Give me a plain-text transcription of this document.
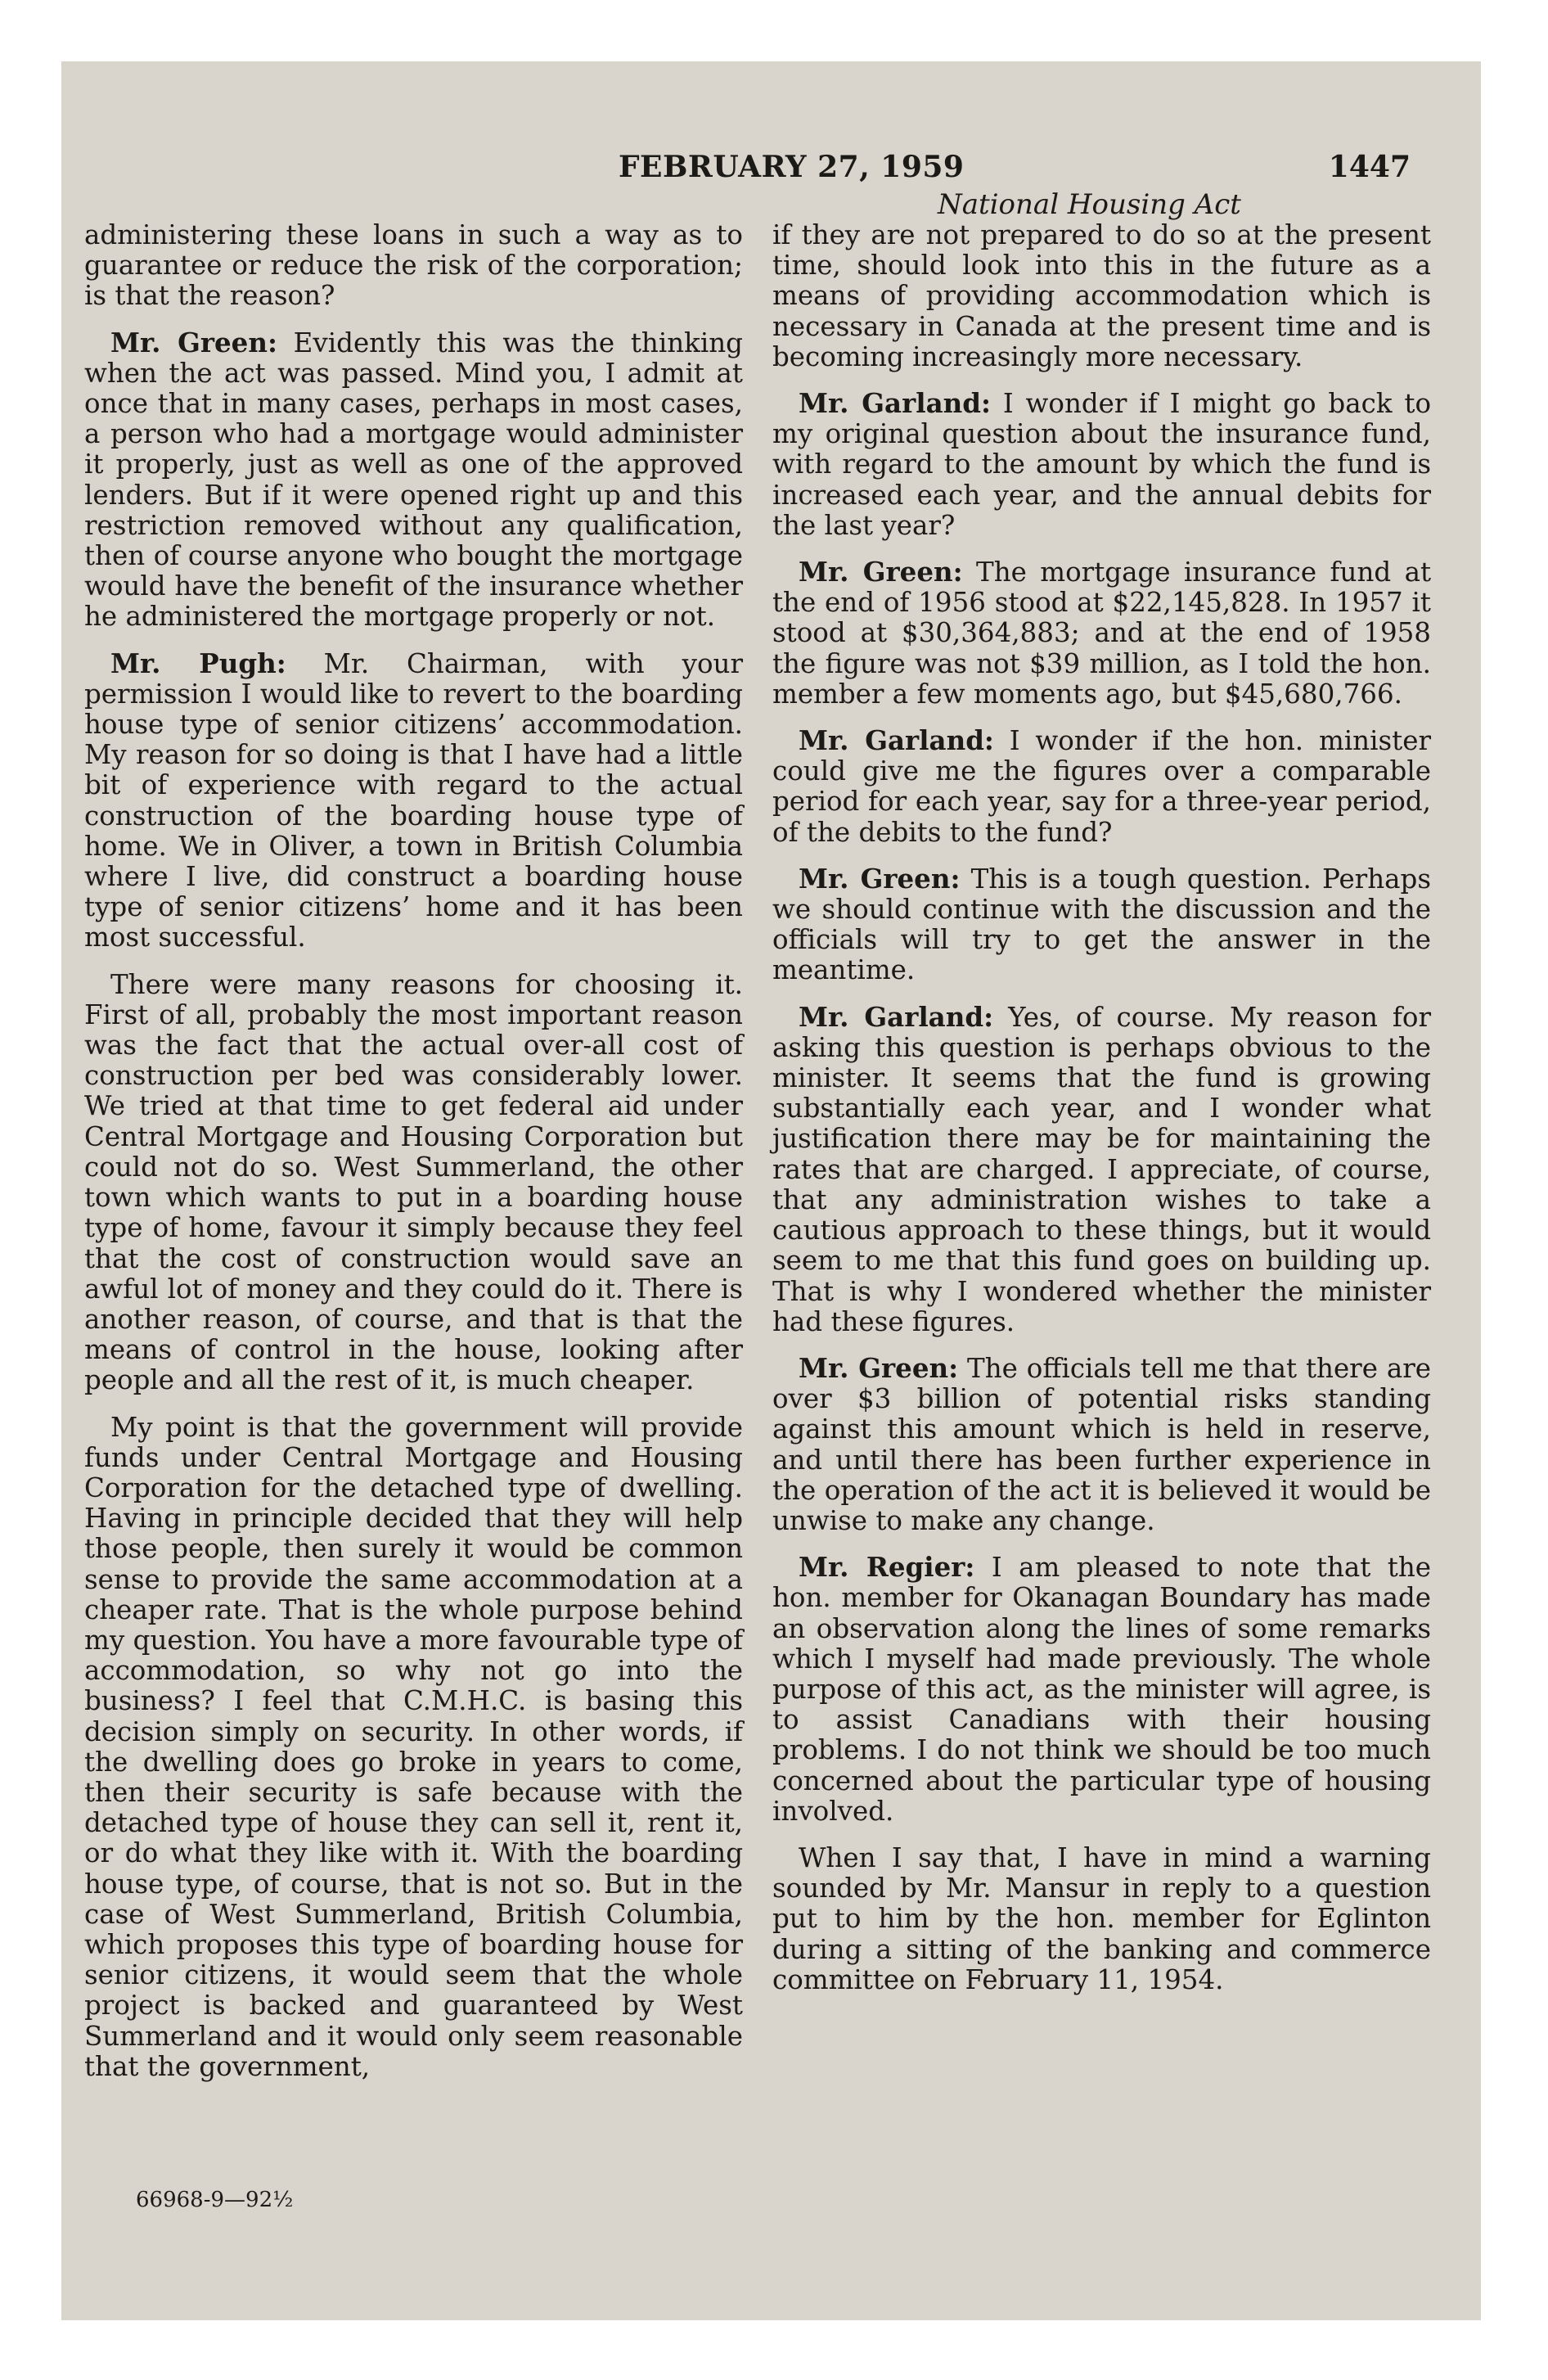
FEBRUARY 27, 1959	1447
National Housing Act

administering these loans in such a way as to guarantee or reduce the risk of the corporation; is that the reason?

Mr. Green: Evidently this was the thinking when the act was passed. Mind you, I admit at once that in many cases, perhaps in most cases, a person who had a mortgage would administer it properly, just as well as one of the approved lenders. But if it were opened right up and this restriction removed without any qualification, then of course anyone who bought the mortgage would have the benefit of the insurance whether he administered the mortgage properly or not.

Mr. Pugh: Mr. Chairman, with your permission I would like to revert to the boarding house type of senior citizens’ accommodation. My reason for so doing is that I have had a little bit of experience with regard to the actual construction of the boarding house type of home. We in Oliver, a town in British Columbia where I live, did construct a boarding house type of senior citizens’ home and it has been most successful.

There were many reasons for choosing it. First of all, probably the most important reason was the fact that the actual over-all cost of construction per bed was considerably lower. We tried at that time to get federal aid under Central Mortgage and Housing Corporation but could not do so. West Summerland, the other town which wants to put in a boarding house type of home, favour it simply because they feel that the cost of construction would save an awful lot of money and they could do it. There is another reason, of course, and that is that the means of control in the house, looking after people and all the rest of it, is much cheaper.

My point is that the government will provide funds under Central Mortgage and Housing Corporation for the detached type of dwelling. Having in principle decided that they will help those people, then surely it would be common sense to provide the same accommodation at a cheaper rate. That is the whole purpose behind my question. You have a more favourable type of accommodation, so why not go into the business? I feel that C.M.H.C. is basing this decision simply on security. In other words, if the dwelling does go broke in years to come, then their security is safe because with the detached type of house they can sell it, rent it, or do what they like with it. With the boarding house type, of course, that is not so. But in the case of West Summerland, British Columbia, which proposes this type of boarding house for senior citizens, it would seem that the whole project is backed and guaranteed by West Summerland and it would only seem reasonable that the government,

if they are not prepared to do so at the present time, should look into this in the future as a means of providing accommodation which is necessary in Canada at the present time and is becoming increasingly more necessary.

Mr. Garland: I wonder if I might go back to my original question about the insurance fund, with regard to the amount by which the fund is increased each year, and the annual debits for the last year?

Mr. Green: The mortgage insurance fund at the end of 1956 stood at $22,145,828. In 1957 it stood at $30,364,883; and at the end of 1958 the figure was not $39 million, as I told the hon. member a few moments ago, but $45,680,766.

Mr. Garland: I wonder if the hon. minister could give me the figures over a comparable period for each year, say for a three-year period, of the debits to the fund?

Mr. Green: This is a tough question. Perhaps we should continue with the discussion and the officials will try to get the answer in the meantime.

Mr. Garland: Yes, of course. My reason for asking this question is perhaps obvious to the minister. It seems that the fund is growing substantially each year, and I wonder what justification there may be for maintaining the rates that are charged. I appreciate, of course, that any administration wishes to take a cautious approach to these things, but it would seem to me that this fund goes on building up. That is why I wondered whether the minister had these figures.

Mr. Green: The officials tell me that there are over $3 billion of potential risks standing against this amount which is held in reserve, and until there has been further experience in the operation of the act it is believed it would be unwise to make any change.

Mr. Regier: I am pleased to note that the hon. member for Okanagan Boundary has made an observation along the lines of some remarks which I myself had made previously. The whole purpose of this act, as the minister will agree, is to assist Canadians with their housing problems. I do not think we should be too much concerned about the particular type of housing involved.

When I say that, I have in mind a warning sounded by Mr. Mansur in reply to a question put to him by the hon. member for Eglinton during a sitting of the banking and commerce committee on February 11, 1954.

66968-9—92½
